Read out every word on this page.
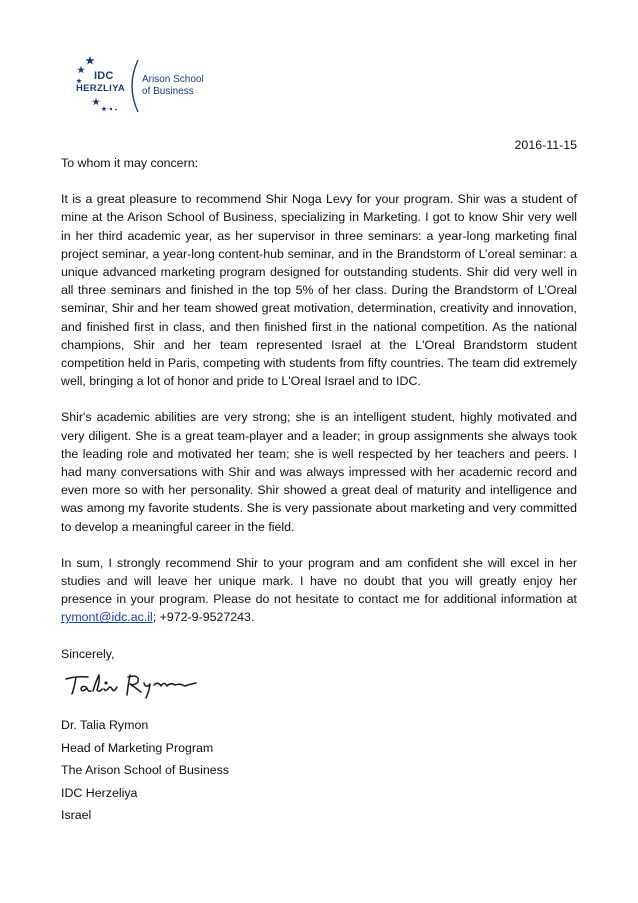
IDC
HERZLIYA
Arison School
of Business
2016-11-15

To whom it may concern:

It is a great pleasure to recommend Shir Noga Levy for your program. Shir was a student of mine at the Arison School of Business, specializing in Marketing. I got to know Shir very well in her third academic year, as her supervisor in three seminars: a year-long marketing final project seminar, a year-long content-hub seminar, and in the Brandstorm of L’oreal seminar: a unique advanced marketing program designed for outstanding students. Shir did very well in all three seminars and finished in the top 5% of her class. During the Brandstorm of L’Oreal seminar, Shir and her team showed great motivation, determination, creativity and innovation, and finished first in class, and then finished first in the national competition. As the national champions, Shir and her team represented Israel at the L'Oreal Brandstorm student competition held in Paris, competing with students from fifty countries. The team did extremely well, bringing a lot of honor and pride to L'Oreal Israel and to IDC.

Shir's academic abilities are very strong; she is an intelligent student, highly motivated and very diligent. She is a great team-player and a leader; in group assignments she always took the leading role and motivated her team; she is well respected by her teachers and peers. I had many conversations with Shir and was always impressed with her academic record and even more so with her personality. Shir showed a great deal of maturity and intelligence and was among my favorite students. She is very passionate about marketing and very committed to develop a meaningful career in the field.

In sum, I strongly recommend Shir to your program and am confident she will excel in her studies and will leave her unique mark. I have no doubt that you will greatly enjoy her presence in your program. Please do not hesitate to contact me for additional information at rymont@idc.ac.il; +972-9-9527243.

Sincerely,

Dr. Talia Rymon
Head of Marketing Program
The Arison School of Business
IDC Herzeliya
Israel
